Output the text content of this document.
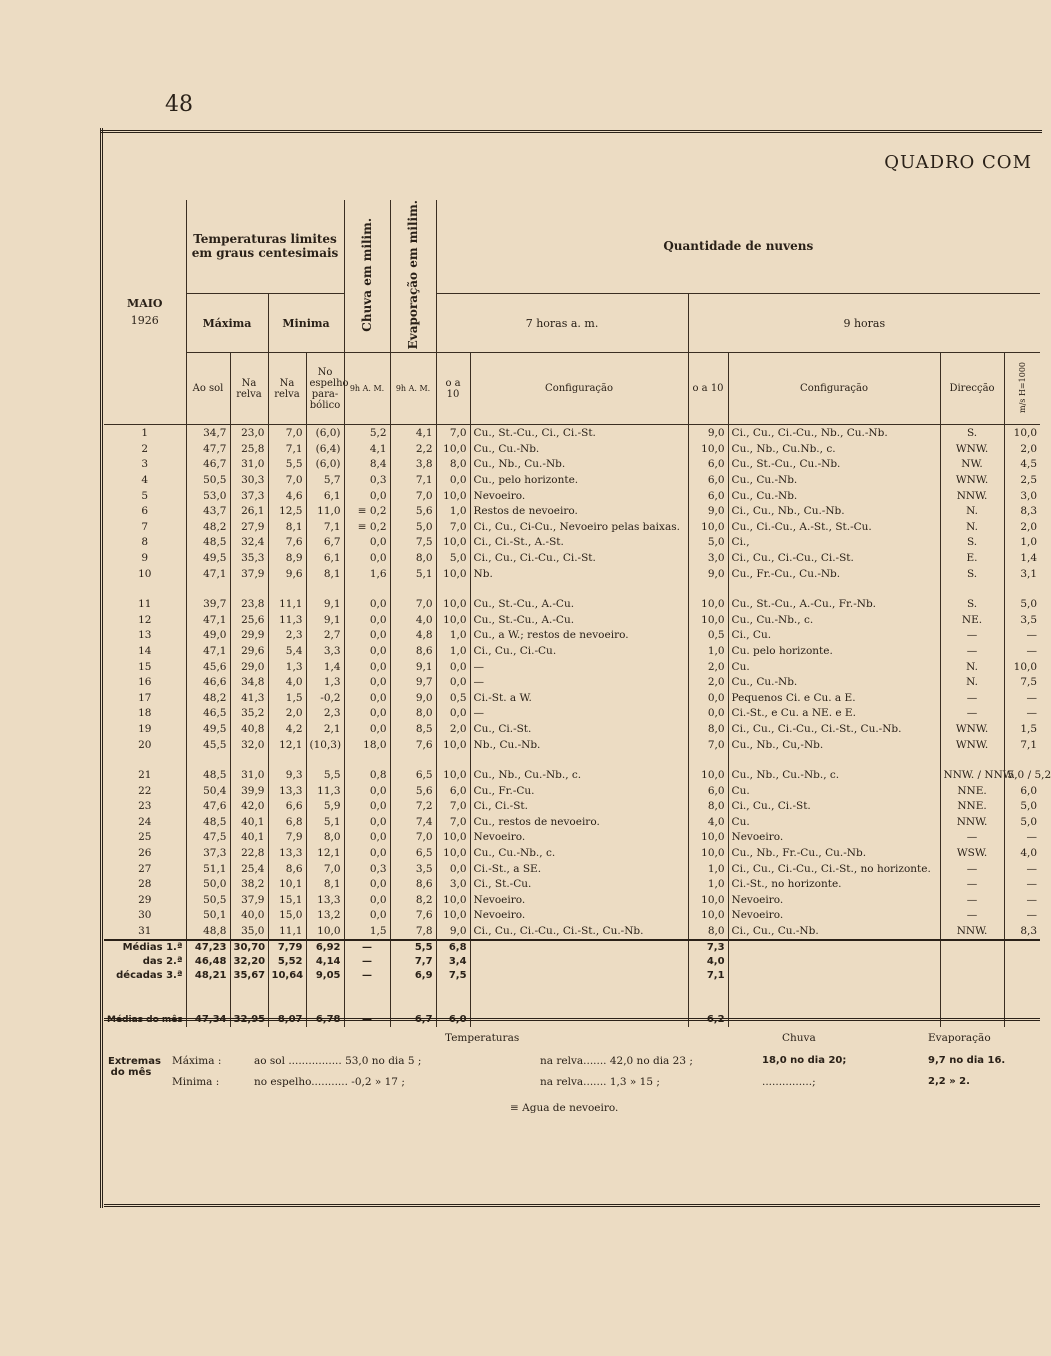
48
QUADRO COM
MAIO
1926	Temperaturas limites em graus centesimais				Chuva em milim.	Evaporação em milim.	Quantidade de nuvens					
	Máxima		Minima				7 horas a. m.		9 horas			
	Ao sol	Na relva	Na relva	No espelho para-bólico	9h A. M.	9h A. M.	o a 10	Configuração	o a 10	Configuração	Direcção	m/s H=1000
1	34,7	23,0	7,0	(6,0)	5,2	4,1	7,0	Cu., St.-Cu., Ci., Ci.-St.	9,0	Ci., Cu., Ci.-Cu., Nb., Cu.-Nb.	S.	10,0
2	47,7	25,8	7,1	(6,4)	4,1	2,2	10,0	Cu., Cu.-Nb.	10,0	Cu., Nb., Cu.Nb., c.	WNW.	2,0
3	46,7	31,0	5,5	(6,0)	8,4	3,8	8,0	Cu., Nb., Cu.-Nb.	6,0	Cu., St.-Cu., Cu.-Nb.	NW.	4,5
4	50,5	30,3	7,0	5,7	0,3	7,1	0,0	Cu., pelo horizonte.	6,0	Cu., Cu.-Nb.	WNW.	2,5
5	53,0	37,3	4,6	6,1	0,0	7,0	10,0	Nevoeiro.	6,0	Cu., Cu.-Nb.	NNW.	3,0
6	43,7	26,1	12,5	11,0	≡ 0,2	5,6	1,0	Restos de nevoeiro.	9,0	Ci., Cu., Nb., Cu.-Nb.	N.	8,3
7	48,2	27,9	8,1	7,1	≡ 0,2	5,0	7,0	Ci., Cu., Ci-Cu., Nevoeiro pelas baixas.	10,0	Cu., Ci.-Cu., A.-St., St.-Cu.	N.	2,0
8	48,5	32,4	7,6	6,7	0,0	7,5	10,0	Ci., Ci.-St., A.-St.	5,0	Ci.,	S.	1,0
9	49,5	35,3	8,9	6,1	0,0	8,0	5,0	Ci., Cu., Ci.-Cu., Ci.-St.	3,0	Ci., Cu., Ci.-Cu., Ci.-St.	E.	1,4
10	47,1	37,9	9,6	8,1	1,6	5,1	10,0	Nb.	9,0	Cu., Fr.-Cu., Cu.-Nb.	S.	3,1

11	39,7	23,8	11,1	9,1	0,0	7,0	10,0	Cu., St.-Cu., A.-Cu.	10,0	Cu., St.-Cu., A.-Cu., Fr.-Nb.	S.	5,0
12	47,1	25,6	11,3	9,1	0,0	4,0	10,0	Cu., St.-Cu., A.-Cu.	10,0	Cu., Cu.-Nb., c.	NE.	3,5
13	49,0	29,9	2,3	2,7	0,0	4,8	1,0	Cu., a W.; restos de nevoeiro.	0,5	Ci., Cu.	—	—
14	47,1	29,6	5,4	3,3	0,0	8,6	1,0	Ci., Cu., Ci.-Cu.	1,0	Cu. pelo horizonte.	—	—
15	45,6	29,0	1,3	1,4	0,0	9,1	0,0	—	2,0	Cu.	N.	10,0
16	46,6	34,8	4,0	1,3	0,0	9,7	0,0	—	2,0	Cu., Cu.-Nb.	N.	7,5
17	48,2	41,3	1,5	-0,2	0,0	9,0	0,5	Ci.-St. a W.	0,0	Pequenos Ci. e Cu. a E.	—	—
18	46,5	35,2	2,0	2,3	0,0	8,0	0,0	—	0,0	Ci.-St., e Cu. a NE. e E.	—	—
19	49,5	40,8	4,2	2,1	0,0	8,5	2,0	Cu., Ci.-St.	8,0	Ci., Cu., Ci.-Cu., Ci.-St., Cu.-Nb.	WNW.	1,5
20	45,5	32,0	12,1	(10,3)	18,0	7,6	10,0	Nb., Cu.-Nb.	7,0	Cu., Nb., Cu,-Nb.	WNW.	7,1

21	48,5	31,0	9,3	5,5	0,8	6,5	10,0	Cu., Nb., Cu.-Nb., c.	10,0	Cu., Nb., Cu.-Nb., c.	NNW. / NNW.	5,0 / 5,2
22	50,4	39,9	13,3	11,3	0,0	5,6	6,0	Cu., Fr.-Cu.	6,0	Cu.	NNE.	6,0
23	47,6	42,0	6,6	5,9	0,0	7,2	7,0	Ci., Ci.-St.	8,0	Ci., Cu., Ci.-St.	NNE.	5,0
24	48,5	40,1	6,8	5,1	0,0	7,4	7,0	Cu., restos de nevoeiro.	4,0	Cu.	NNW.	5,0
25	47,5	40,1	7,9	8,0	0,0	7,0	10,0	Nevoeiro.	10,0	Nevoeiro.	—	—
26	37,3	22,8	13,3	12,1	0,0	6,5	10,0	Cu., Cu.-Nb., c.	10,0	Cu., Nb., Fr.-Cu., Cu.-Nb.	WSW.	4,0
27	51,1	25,4	8,6	7,0	0,3	3,5	0,0	Ci.-St., a SE.	1,0	Ci., Cu., Ci.-Cu., Ci.-St., no horizonte.	—	—
28	50,0	38,2	10,1	8,1	0,0	8,6	3,0	Ci., St.-Cu.	1,0	Ci.-St., no horizonte.	—	—
29	50,5	37,9	15,1	13,3	0,0	8,2	10,0	Nevoeiro.	10,0	Nevoeiro.	—	—
30	50,1	40,0	15,0	13,2	0,0	7,6	10,0	Nevoeiro.	10,0	Nevoeiro.	—	—
31	48,8	35,0	11,1	10,0	1,5	7,8	9,0	Ci., Cu., Ci.-Cu., Ci.-St., Cu.-Nb.	8,0	Ci., Cu., Cu.-Nb.	NNW.	8,3
Médias 1.ª	47,23	30,70	7,79	6,92	—	5,5	6,8		7,3			
das 2.ª	46,48	32,20	5,52	4,14	—	7,7	3,4		4,0			
décadas 3.ª	48,21	35,67	10,64	9,05	—	6,9	7,5		7,1			

Médias do mês	47,34	32,95	8,07	6,78	—	6,7	6,0		6,2			
Temperaturas	Chuva	Evaporação
Extremas do mês
Máxima :
Minima :
ao sol ................ 53,0 no dia 5 ;	na relva....... 42,0 no dia 23 ;	18,0 no dia 20;	9,7 no dia 16.
no espelho........... -0,2 » 17 ;	na relva....... 1,3 » 15 ;	...............;	2,2 » 2.
≡ Agua de nevoeiro.
